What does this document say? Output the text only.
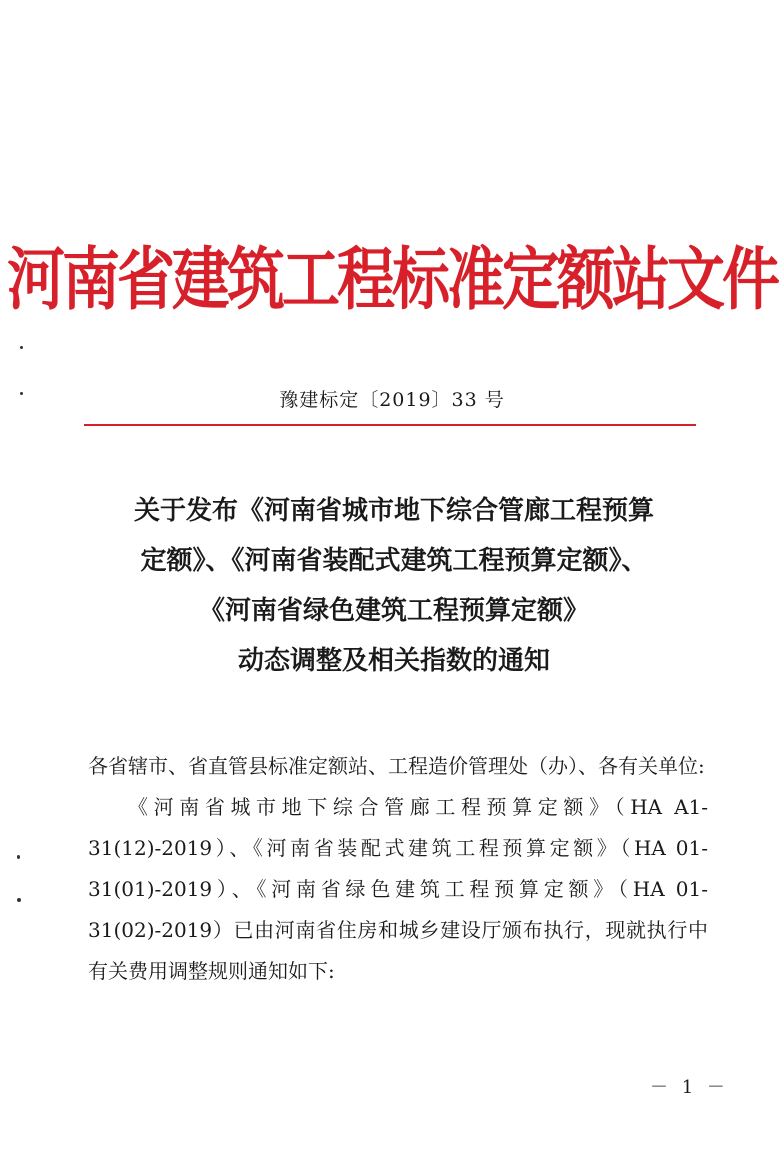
河南省建筑工程标准定额站文件
豫建标定〔2019〕33 号
关于发布《河南省城市地下综合管廊工程预算
定额》、《河南省装配式建筑工程预算定额》、
《河南省绿色建筑工程预算定额》
动态调整及相关指数的通知

各省辖市、省直管县标准定额站、工程造价管理处（办）、各有关单位:

《河南省城市地下综合管廊工程预算定额》（HA A1-31(12)-2019）、《河南省装配式建筑工程预算定额》（HA 01-31(01)-2019）、《河南省绿色建筑工程预算定额》（HA 01-31(02)-2019）已由河南省住房和城乡建设厅颁布执行，现就执行中有关费用调整规则通知如下:

－ 1 －
